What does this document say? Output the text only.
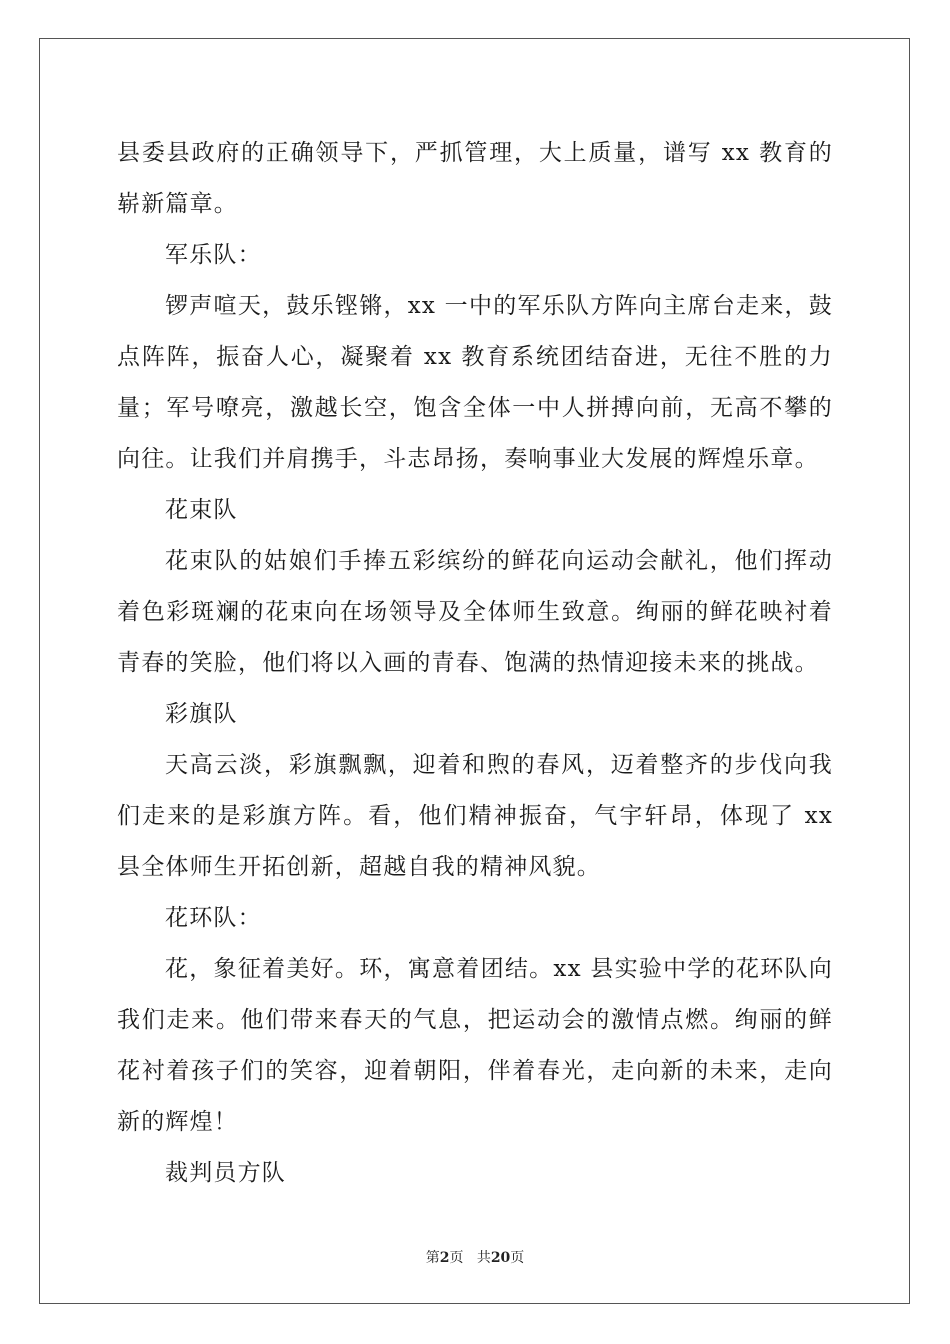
县委县政府的正确领导下，严抓管理，大上质量，谱写 xx 教育的崭新篇章。

军乐队：

锣声喧天，鼓乐铿锵，xx 一中的军乐队方阵向主席台走来，鼓点阵阵，振奋人心，凝聚着 xx 教育系统团结奋进，无往不胜的力量；军号嘹亮，激越长空，饱含全体一中人拼搏向前，无高不攀的向往。让我们并肩携手，斗志昂扬，奏响事业大发展的辉煌乐章。

花束队

花束队的姑娘们手捧五彩缤纷的鲜花向运动会献礼，他们挥动着色彩斑斓的花束向在场领导及全体师生致意。绚丽的鲜花映衬着青春的笑脸，他们将以入画的青春、饱满的热情迎接未来的挑战。

彩旗队

天高云淡，彩旗飘飘，迎着和煦的春风，迈着整齐的步伐向我们走来的是彩旗方阵。看，他们精神振奋，气宇轩昂，体现了 xx 县全体师生开拓创新，超越自我的精神风貌。

花环队：

花，象征着美好。环，寓意着团结。xx 县实验中学的花环队向我们走来。他们带来春天的气息，把运动会的激情点燃。绚丽的鲜花衬着孩子们的笑容，迎着朝阳，伴着春光，走向新的未来，走向新的辉煌！

裁判员方队

第2页 共20页
